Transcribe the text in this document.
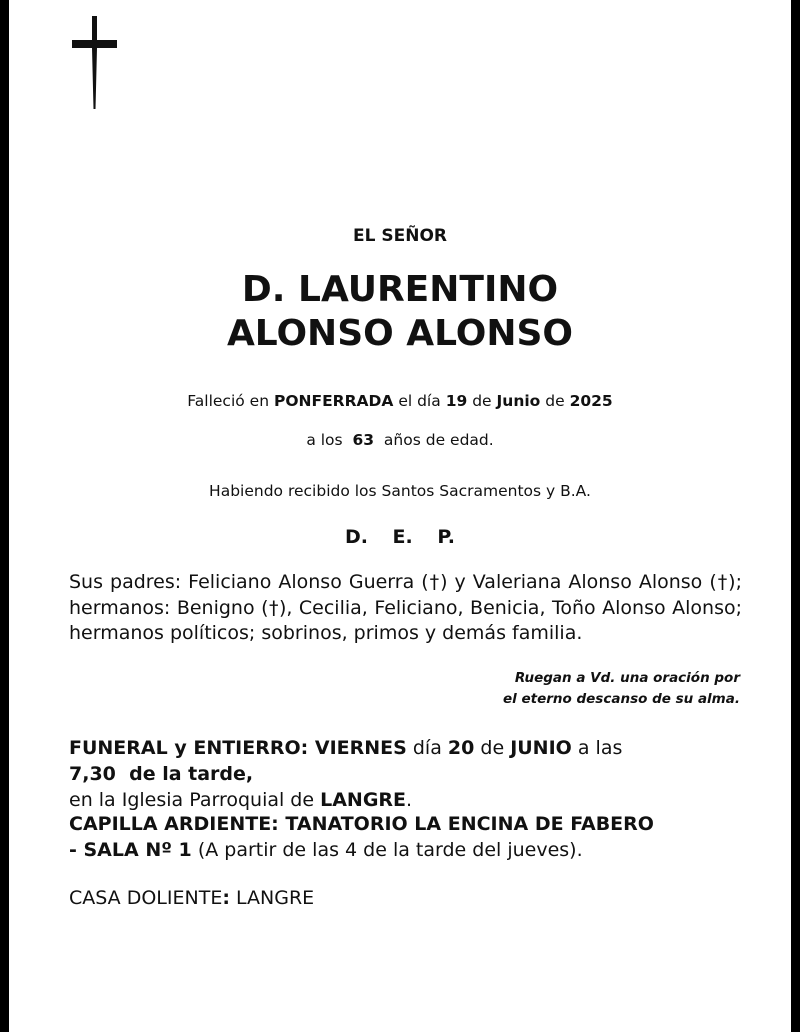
EL SEÑOR
D. LAURENTINO
ALONSO ALONSO
Falleció en PONFERRADA el día 19 de Junio de 2025
a los 63 años de edad.
Habiendo recibido los Santos Sacramentos y B.A.
D. E. P.
Sus padres: Feliciano Alonso Guerra (†) y Valeriana Alonso Alonso (†); hermanos: Benigno (†), Cecilia, Feliciano, Benicia, Toño Alonso Alonso; hermanos políticos; sobrinos, primos y demás familia.
Ruegan a Vd. una oración por
el eterno descanso de su alma.
FUNERAL y ENTIERRO: VIERNES día 20 de JUNIO a las 7,30  de la tarde,
en la Iglesia Parroquial de LANGRE.
CAPILLA ARDIENTE: TANATORIO LA ENCINA DE FABERO
- SALA Nº 1 (A partir de las 4 de la tarde del jueves).
CASA DOLIENTE: LANGRE
